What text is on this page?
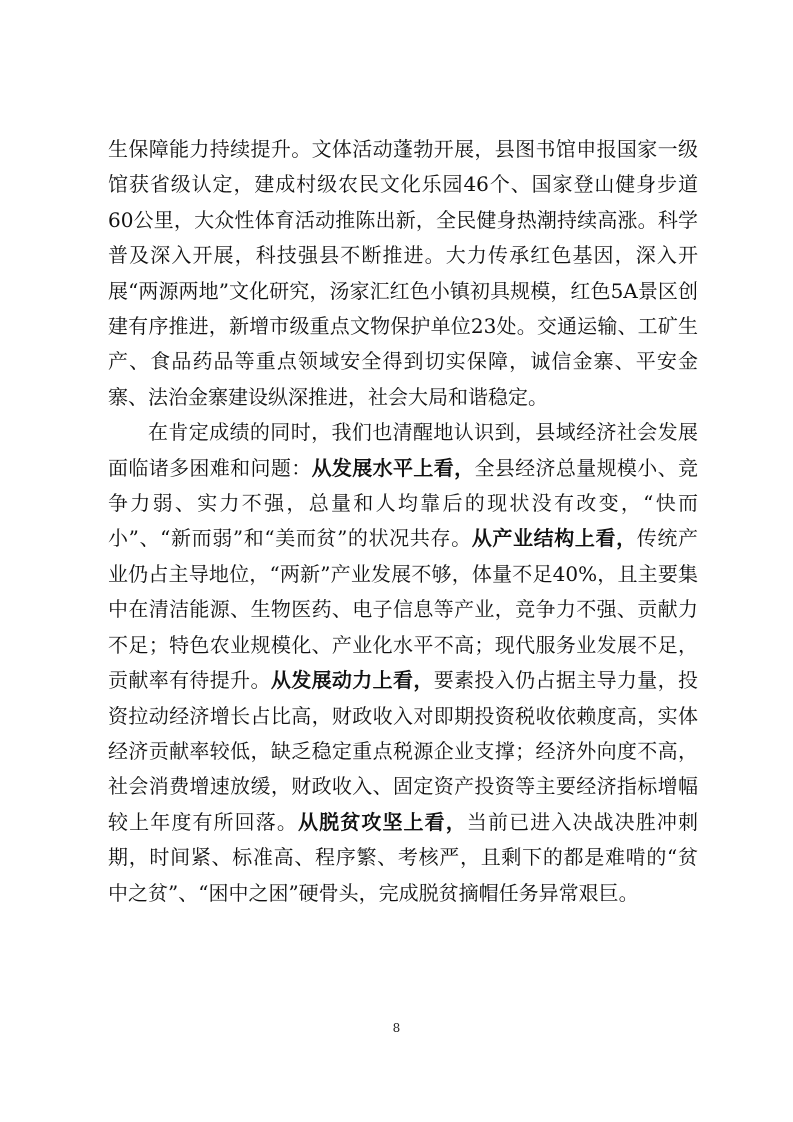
生保障能力持续提升。文体活动蓬勃开展，县图书馆申报国家一级馆获省级认定，建成村级农民文化乐园46个、国家登山健身步道60公里，大众性体育活动推陈出新，全民健身热潮持续高涨。科学普及深入开展，科技强县不断推进。大力传承红色基因，深入开展“两源两地”文化研究，汤家汇红色小镇初具规模，红色5A景区创建有序推进，新增市级重点文物保护单位23处。交通运输、工矿生产、食品药品等重点领域安全得到切实保障，诚信金寨、平安金寨、法治金寨建设纵深推进，社会大局和谐稳定。

在肯定成绩的同时，我们也清醒地认识到，县域经济社会发展面临诸多困难和问题：从发展水平上看，全县经济总量规模小、竞争力弱、实力不强，总量和人均靠后的现状没有改变，“快而小”、“新而弱”和“美而贫”的状况共存。从产业结构上看，传统产业仍占主导地位，“两新”产业发展不够，体量不足40%，且主要集中在清洁能源、生物医药、电子信息等产业，竞争力不强、贡献力不足；特色农业规模化、产业化水平不高；现代服务业发展不足，贡献率有待提升。从发展动力上看，要素投入仍占据主导力量，投资拉动经济增长占比高，财政收入对即期投资税收依赖度高，实体经济贡献率较低，缺乏稳定重点税源企业支撑；经济外向度不高，社会消费增速放缓，财政收入、固定资产投资等主要经济指标增幅较上年度有所回落。从脱贫攻坚上看，当前已进入决战决胜冲刺期，时间紧、标准高、程序繁、考核严，且剩下的都是难啃的“贫中之贫”、“困中之困”硬骨头，完成脱贫摘帽任务异常艰巨。

8
